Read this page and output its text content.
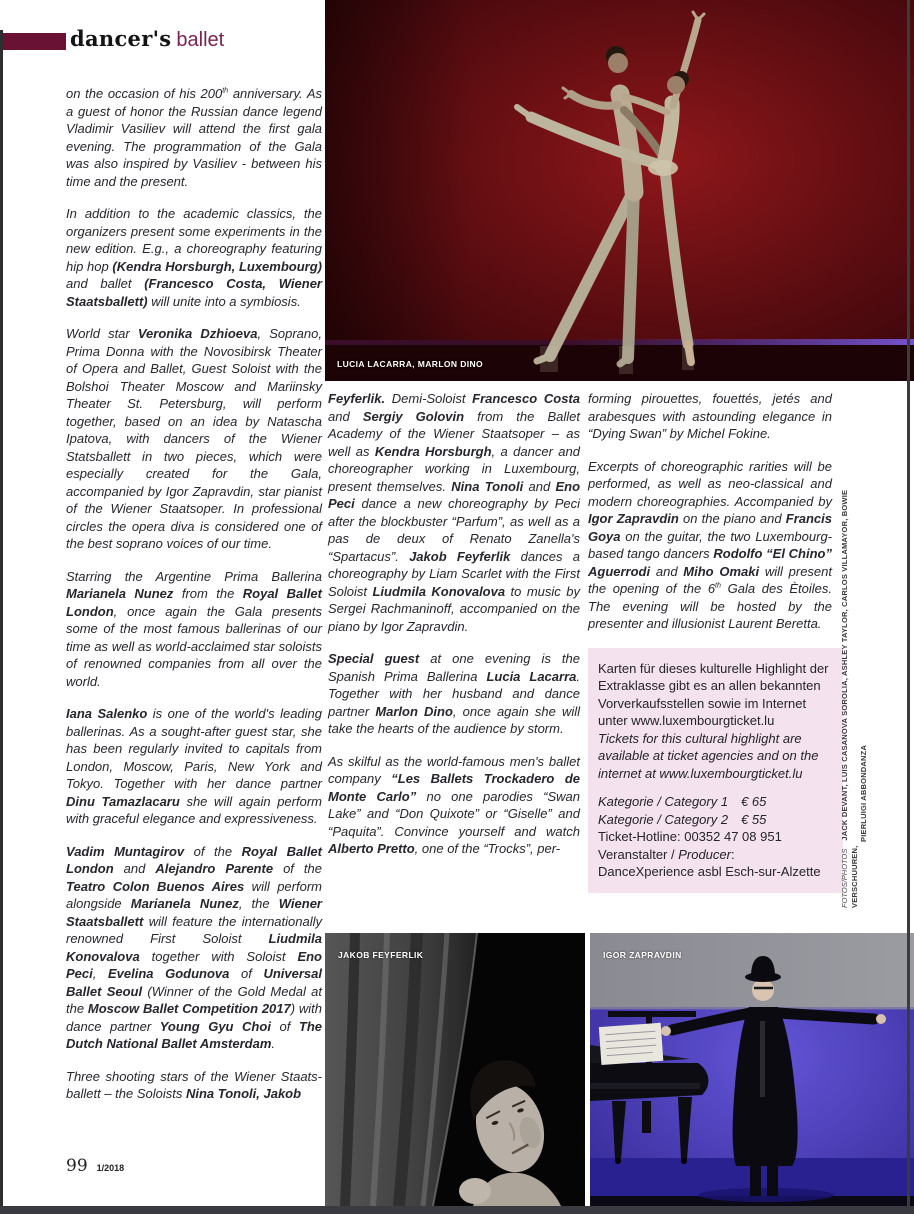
dancer's ballet
LUCIA LACARRA, MARLON DINO

on the occasion of his 200th anniversary. As a guest of honor the Russian dance legend Vladimir Vasiliev will attend the first gala evening. The programmation of the Gala was also inspired by Vasiliev - between his time and the present.

In addition to the academic classics, the organizers present some experiments in the new edition. E.g., a choreography featuring hip hop (Kendra Horsburgh, Luxembourg) and ballet (Francesco Costa, Wiener Staatsballett) will unite into a symbiosis.

World star Veronika Dzhioeva, Soprano, Prima Donna with the Novosibirsk Theater of Opera and Ballet, Guest Soloist with the Bolshoi Theater Moscow and Mariinsky Theater St. Petersburg, will perform together, based on an idea by Natascha Ipatova, with dancers of the Wiener Statsballett in two pieces, which were especially created for the Gala, accompanied by Igor Zapravdin, star pianist of the Wiener Staatsoper. In professional circles the opera diva is considered one of the best soprano voices of our time.

Starring the Argentine Prima Ballerina Marianela Nunez from the Royal Ballet London, once again the Gala presents some of the most famous ballerinas of our time as well as world-acclaimed star soloists of renowned companies from all over the world.

Iana Salenko is one of the world's leading ballerinas. As a sought-after guest star, she has been regularly invited to capitals from London, Moscow, Paris, New York and Tokyo. Together with her dance partner Dinu Tamazlacaru she will again perform with graceful elegance and expressiveness.

Vadim Muntagirov of the Royal Ballet London and Alejandro Parente of the Teatro Colon Buenos Aires will perform alongside Marianela Nunez, the Wiener Staatsballett will feature the internationally renowned First Soloist Liudmila Konovalova together with Soloist Eno Peci, Evelina Godunova of Universal Ballet Seoul (Winner of the Gold Medal at the Moscow Ballet Competition 2017) with dance partner Young Gyu Choi of The Dutch National Ballet Amsterdam.

Three shooting stars of the Wiener Staats-ballett – the Soloists Nina Tonoli, Jakob

Feyferlik. Demi-Soloist Francesco Costa and Sergiy Golovin from the Ballet Academy of the Wiener Staatsoper – as well as Kendra Horsburgh, a dancer and choreographer working in Luxembourg, present themselves. Nina Tonoli and Eno Peci dance a new choreography by Peci after the blockbuster “Parfum”, as well as a pas de deux of Renato Zanella's “Spartacus”. Jakob Feyferlik dances a choreography by Liam Scarlet with the First Soloist Liudmila Konovalova to music by Sergei Rachmaninoff, accompanied on the piano by Igor Zapravdin.

Special guest at one evening is the Spanish Prima Ballerina Lucia Lacarra. Together with her husband and dance partner Marlon Dino, once again she will take the hearts of the audience by storm.

As skilful as the world-famous men's ballet company “Les Ballets Trockadero de Monte Carlo” no one parodies “Swan Lake” and “Don Quixote” or “Giselle” and “Paquita”. Convince yourself and watch Alberto Pretto, one of the “Trocks”, per-

forming pirouettes, fouettés, jetés and arabesques with astounding elegance in “Dying Swan” by Michel Fokine.

Excerpts of choreographic rarities will be performed, as well as neo-classical and modern choreographies. Accompanied by Igor Zapravdin on the piano and Francis Goya on the guitar, the two Luxembourg-based tango dancers Rodolfo “El Chino” Aguerrodi and Miho Omaki will present the opening of the 6th Gala des Ètoiles. The evening will be hosted by the presenter and illusionist Laurent Beretta.

Karten für dieses kulturelle Highlight der Extraklasse gibt es an allen bekannten Vorverkaufsstellen sowie im Internet unter www.luxembourgticket.lu
Tickets for this cultural highlight are available at ticket agencies and on the internet at www.luxembourgticket.lu
Kategorie / Category 1  € 65
Kategorie / Category 2  € 55
Ticket-Hotline: 00352 47 08 951
Veranstalter / Producer: DanceXperience asbl Esch-sur-Alzette	FOTOS/PHOTOSJACK DEVANT, LUIS CASANOVA SOROLIA, ASHLEY TAYLOR, CARLOS VILLAMAYOR, BOWIE VERSCHUUREN,
PIERLUIGI ABBONDANZA
JAKOB FEYFERLIK	IGOR ZAPRAVDIN
99 1/2018
